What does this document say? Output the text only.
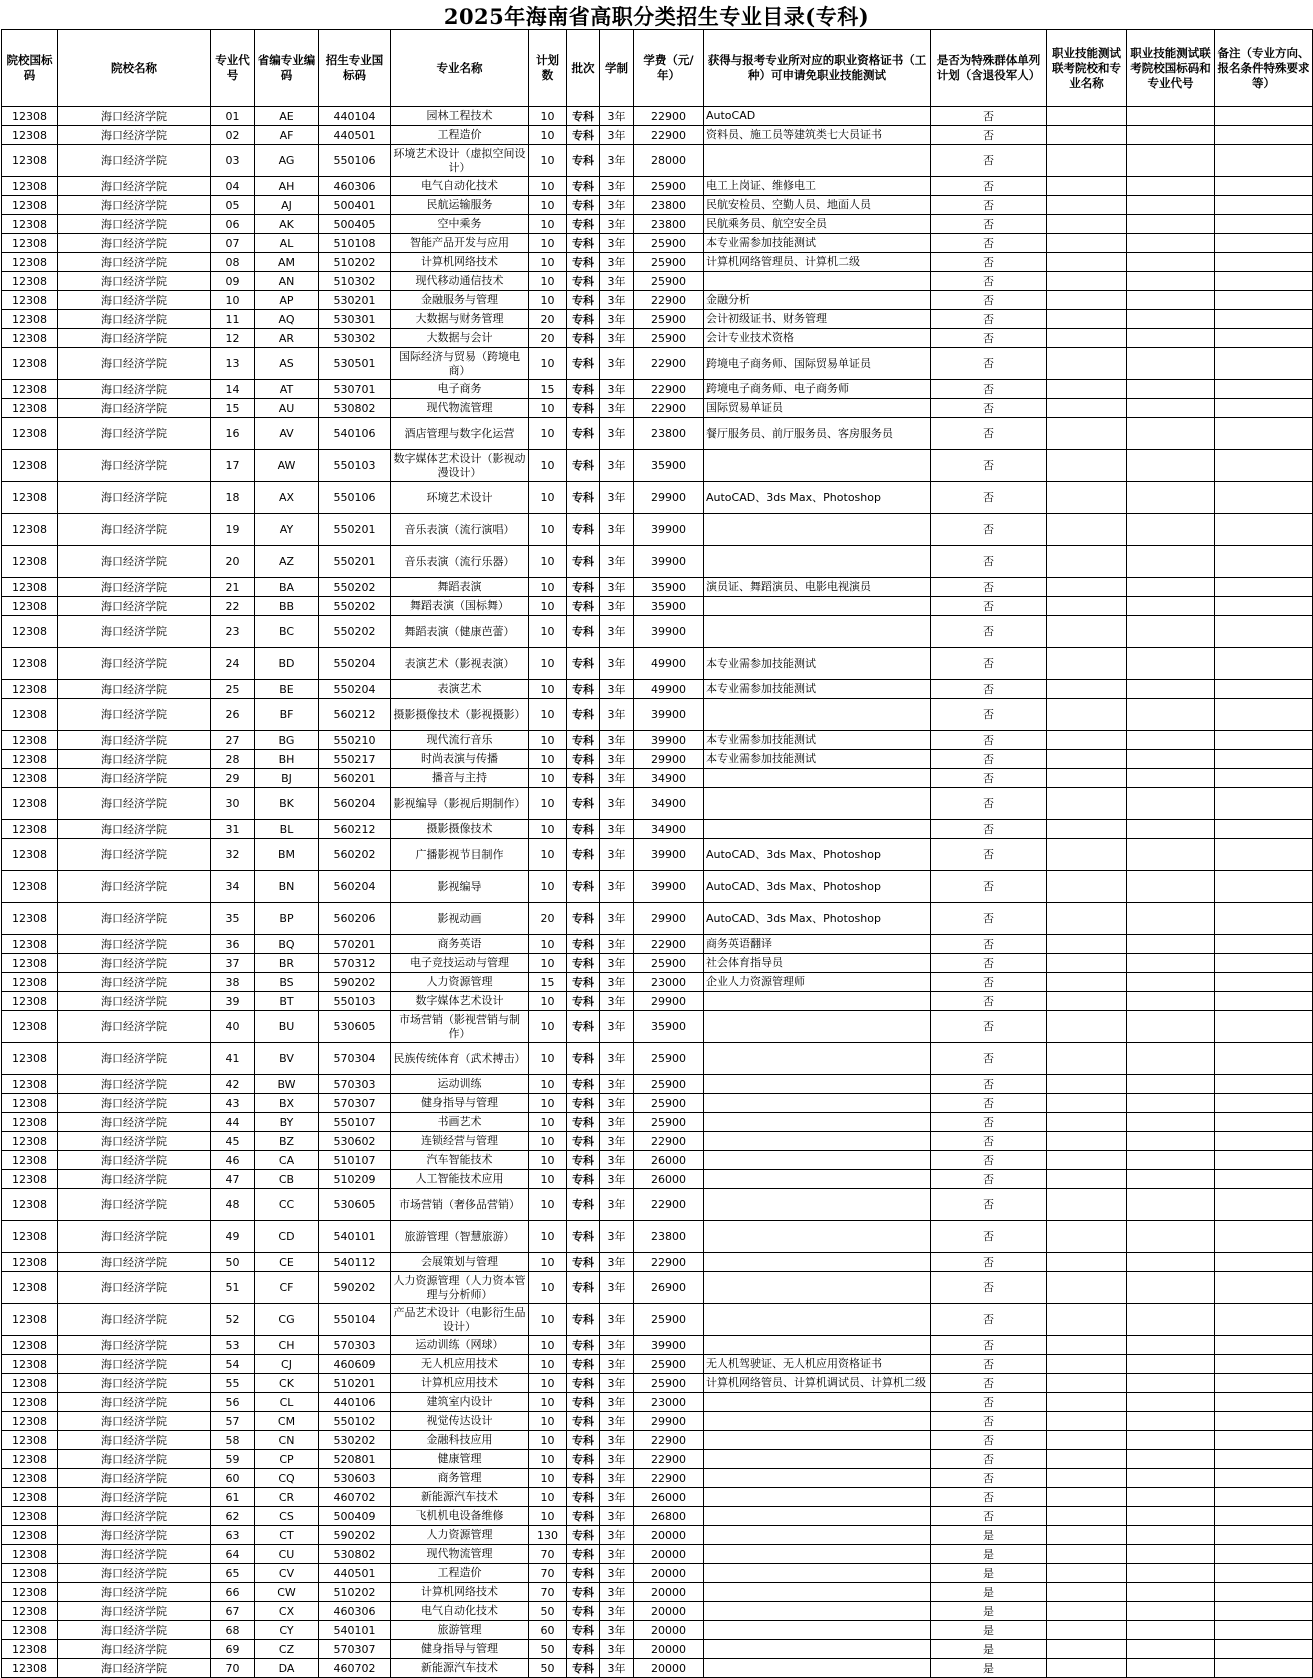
2025年海南省高职分类招生专业目录(专科)
院校国标码	院校名称	专业代号	省编专业编码	招生专业国标码	专业名称	计划数	批次	学制	学费（元/年）	获得与报考专业所对应的职业资格证书（工种）可申请免职业技能测试	是否为特殊群体单列计划（含退役军人）	职业技能测试联考院校和专业名称	职业技能测试联考院校国标码和专业代号	备注（专业方向、报名条件特殊要求等）
12308	海口经济学院	01	AE	440104	园林工程技术	10	专科	3年	22900	AutoCAD	否			
12308	海口经济学院	02	AF	440501	工程造价	10	专科	3年	22900	资料员、施工员等建筑类七大员证书	否			
12308	海口经济学院	03	AG	550106	环境艺术设计（虚拟空间设计）	10	专科	3年	28000		否			
12308	海口经济学院	04	AH	460306	电气自动化技术	10	专科	3年	25900	电工上岗证、维修电工	否			
12308	海口经济学院	05	AJ	500401	民航运输服务	10	专科	3年	23800	民航安检员、空勤人员、地面人员	否			
12308	海口经济学院	06	AK	500405	空中乘务	10	专科	3年	23800	民航乘务员、航空安全员	否			
12308	海口经济学院	07	AL	510108	智能产品开发与应用	10	专科	3年	25900	本专业需参加技能测试	否			
12308	海口经济学院	08	AM	510202	计算机网络技术	10	专科	3年	25900	计算机网络管理员、计算机二级	否			
12308	海口经济学院	09	AN	510302	现代移动通信技术	10	专科	3年	25900		否			
12308	海口经济学院	10	AP	530201	金融服务与管理	10	专科	3年	22900	金融分析	否			
12308	海口经济学院	11	AQ	530301	大数据与财务管理	20	专科	3年	25900	会计初级证书、财务管理	否			
12308	海口经济学院	12	AR	530302	大数据与会计	20	专科	3年	25900	会计专业技术资格	否			
12308	海口经济学院	13	AS	530501	国际经济与贸易（跨境电商）	10	专科	3年	22900	跨境电子商务师、国际贸易单证员	否			
12308	海口经济学院	14	AT	530701	电子商务	15	专科	3年	22900	跨境电子商务师、电子商务师	否			
12308	海口经济学院	15	AU	530802	现代物流管理	10	专科	3年	22900	国际贸易单证员	否			
12308	海口经济学院	16	AV	540106	酒店管理与数字化运营	10	专科	3年	23800	餐厅服务员、前厅服务员、客房服务员	否			
12308	海口经济学院	17	AW	550103	数字媒体艺术设计（影视动漫设计）	10	专科	3年	35900		否			
12308	海口经济学院	18	AX	550106	环境艺术设计	10	专科	3年	29900	AutoCAD、3ds Max、Photoshop	否			
12308	海口经济学院	19	AY	550201	音乐表演（流行演唱）	10	专科	3年	39900		否			
12308	海口经济学院	20	AZ	550201	音乐表演（流行乐器）	10	专科	3年	39900		否			
12308	海口经济学院	21	BA	550202	舞蹈表演	10	专科	3年	35900	演员证、舞蹈演员、电影电视演员	否			
12308	海口经济学院	22	BB	550202	舞蹈表演（国标舞）	10	专科	3年	35900		否			
12308	海口经济学院	23	BC	550202	舞蹈表演（健康芭蕾）	10	专科	3年	39900		否			
12308	海口经济学院	24	BD	550204	表演艺术（影视表演）	10	专科	3年	49900	本专业需参加技能测试	否			
12308	海口经济学院	25	BE	550204	表演艺术	10	专科	3年	49900	本专业需参加技能测试	否			
12308	海口经济学院	26	BF	560212	摄影摄像技术（影视摄影）	10	专科	3年	39900		否			
12308	海口经济学院	27	BG	550210	现代流行音乐	10	专科	3年	39900	本专业需参加技能测试	否			
12308	海口经济学院	28	BH	550217	时尚表演与传播	10	专科	3年	29900	本专业需参加技能测试	否			
12308	海口经济学院	29	BJ	560201	播音与主持	10	专科	3年	34900		否			
12308	海口经济学院	30	BK	560204	影视编导（影视后期制作）	10	专科	3年	34900		否			
12308	海口经济学院	31	BL	560212	摄影摄像技术	10	专科	3年	34900		否			
12308	海口经济学院	32	BM	560202	广播影视节目制作	10	专科	3年	39900	AutoCAD、3ds Max、Photoshop	否			
12308	海口经济学院	34	BN	560204	影视编导	10	专科	3年	39900	AutoCAD、3ds Max、Photoshop	否			
12308	海口经济学院	35	BP	560206	影视动画	20	专科	3年	29900	AutoCAD、3ds Max、Photoshop	否			
12308	海口经济学院	36	BQ	570201	商务英语	10	专科	3年	22900	商务英语翻译	否			
12308	海口经济学院	37	BR	570312	电子竞技运动与管理	10	专科	3年	25900	社会体育指导员	否			
12308	海口经济学院	38	BS	590202	人力资源管理	15	专科	3年	23000	企业人力资源管理师	否			
12308	海口经济学院	39	BT	550103	数字媒体艺术设计	10	专科	3年	29900		否			
12308	海口经济学院	40	BU	530605	市场营销（影视营销与制作）	10	专科	3年	35900		否			
12308	海口经济学院	41	BV	570304	民族传统体育（武术搏击）	10	专科	3年	25900		否			
12308	海口经济学院	42	BW	570303	运动训练	10	专科	3年	25900		否			
12308	海口经济学院	43	BX	570307	健身指导与管理	10	专科	3年	25900		否			
12308	海口经济学院	44	BY	550107	书画艺术	10	专科	3年	25900		否			
12308	海口经济学院	45	BZ	530602	连锁经营与管理	10	专科	3年	22900		否			
12308	海口经济学院	46	CA	510107	汽车智能技术	10	专科	3年	26000		否			
12308	海口经济学院	47	CB	510209	人工智能技术应用	10	专科	3年	26000		否			
12308	海口经济学院	48	CC	530605	市场营销（奢侈品营销）	10	专科	3年	22900		否			
12308	海口经济学院	49	CD	540101	旅游管理（智慧旅游）	10	专科	3年	23800		否			
12308	海口经济学院	50	CE	540112	会展策划与管理	10	专科	3年	22900		否			
12308	海口经济学院	51	CF	590202	人力资源管理（人力资本管理与分析师）	10	专科	3年	26900		否			
12308	海口经济学院	52	CG	550104	产品艺术设计（电影衍生品设计）	10	专科	3年	25900		否			
12308	海口经济学院	53	CH	570303	运动训练（网球）	10	专科	3年	39900		否			
12308	海口经济学院	54	CJ	460609	无人机应用技术	10	专科	3年	25900	无人机驾驶证、无人机应用资格证书	否			
12308	海口经济学院	55	CK	510201	计算机应用技术	10	专科	3年	25900	计算机网络管员、计算机调试员、计算机二级	否			
12308	海口经济学院	56	CL	440106	建筑室内设计	10	专科	3年	23000		否			
12308	海口经济学院	57	CM	550102	视觉传达设计	10	专科	3年	29900		否			
12308	海口经济学院	58	CN	530202	金融科技应用	10	专科	3年	22900		否			
12308	海口经济学院	59	CP	520801	健康管理	10	专科	3年	22900		否			
12308	海口经济学院	60	CQ	530603	商务管理	10	专科	3年	22900		否			
12308	海口经济学院	61	CR	460702	新能源汽车技术	10	专科	3年	26000		否			
12308	海口经济学院	62	CS	500409	飞机机电设备维修	10	专科	3年	26800		否			
12308	海口经济学院	63	CT	590202	人力资源管理	130	专科	3年	20000		是			
12308	海口经济学院	64	CU	530802	现代物流管理	70	专科	3年	20000		是			
12308	海口经济学院	65	CV	440501	工程造价	70	专科	3年	20000		是			
12308	海口经济学院	66	CW	510202	计算机网络技术	70	专科	3年	20000		是			
12308	海口经济学院	67	CX	460306	电气自动化技术	50	专科	3年	20000		是			
12308	海口经济学院	68	CY	540101	旅游管理	60	专科	3年	20000		是			
12308	海口经济学院	69	CZ	570307	健身指导与管理	50	专科	3年	20000		是			
12308	海口经济学院	70	DA	460702	新能源汽车技术	50	专科	3年	20000		是			
